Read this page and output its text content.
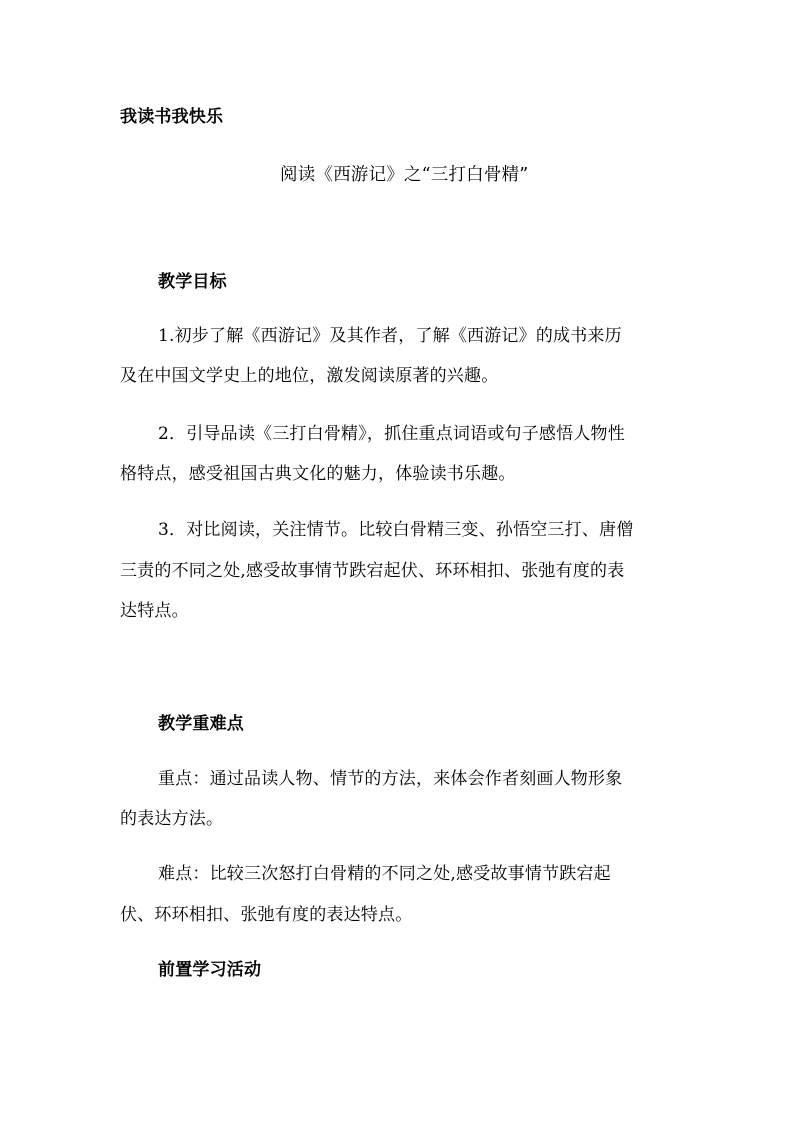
我读书我快乐
阅读《西游记》之“三打白骨精”
教学目标
1.初步了解《西游记》及其作者，了解《西游记》的成书来历
及在中国文学史上的地位，激发阅读原著的兴趣。
2．引导品读《三打白骨精》，抓住重点词语或句子感悟人物性
格特点，感受祖国古典文化的魅力，体验读书乐趣。
3．对比阅读，关注情节。比较白骨精三变、孙悟空三打、唐僧
三责的不同之处,感受故事情节跌宕起伏、环环相扣、张弛有度的表
达特点。
教学重难点
重点：通过品读人物、情节的方法，来体会作者刻画人物形象
的表达方法。
难点：比较三次怒打白骨精的不同之处,感受故事情节跌宕起
伏、环环相扣、张弛有度的表达特点。
前置学习活动
